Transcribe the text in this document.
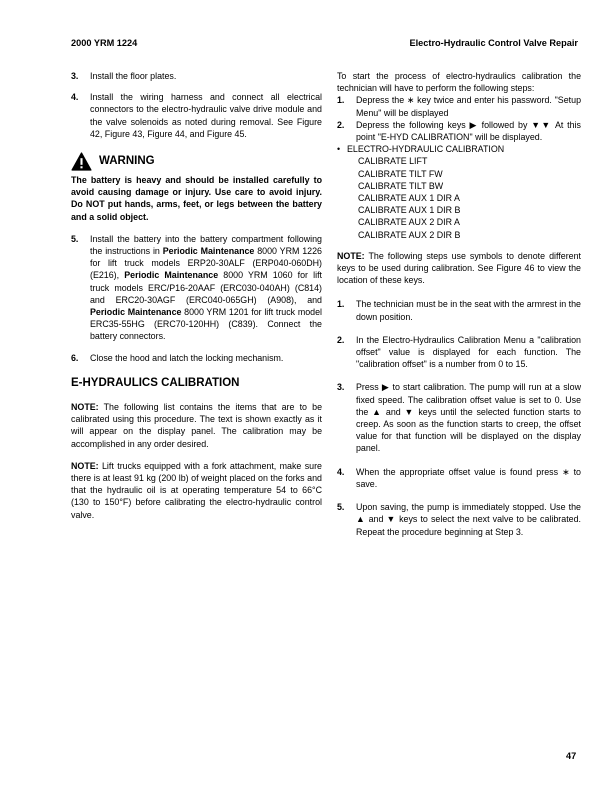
2000 YRM 1224	Electro-Hydraulic Control Valve Repair
3.	Install the floor plates.
4.	Install the wiring harness and connect all electrical connectors to the electro-hydraulic valve drive module and the valve solenoids as noted during removal. See Figure 42, Figure 43, Figure 44, and Figure 45.
WARNING
The battery is heavy and should be installed carefully to avoid causing damage or injury. Use care to avoid injury. Do NOT put hands, arms, feet, or legs between the battery and a solid object.
5.	Install the battery into the battery compartment following the instructions in Periodic Maintenance 8000 YRM 1226 for lift truck models ERP20-30ALF (ERP040-060DH) (E216), Periodic Maintenance 8000 YRM 1060 for lift truck models ERC/P16-20AAF (ERC030-040AH) (C814) and ERC20-30AGF (ERC040-065GH) (A908), and Periodic Maintenance 8000 YRM 1201 for lift truck model ERC35-55HG (ERC70-120HH) (C839). Connect the battery connectors.
6.	Close the hood and latch the locking mechanism.
E-HYDRAULICS CALIBRATION
NOTE: The following list contains the items that are to be calibrated using this procedure. The text is shown exactly as it will appear on the display panel. The calibration may be accomplished in any order desired.
NOTE: Lift trucks equipped with a fork attachment, make sure there is at least 91 kg (200 lb) of weight placed on the forks and that the hydraulic oil is at operating temperature 54 to 66°C (130 to 150°F) before calibrating the electro-hydraulic control valve.
To start the process of electro-hydraulics calibration the technician will have to perform the following steps:
1.	Depress the ∗ key twice and enter his password. "Setup Menu" will be displayed
2.	Depress the following keys ▶ followed by ▼▼ At this point "E-HYD CALIBRATION" will be displayed.
• ELECTRO-HYDRAULIC CALIBRATION
CALIBRATE LIFT
CALIBRATE TILT FW
CALIBRATE TILT BW
CALIBRATE AUX 1 DIR A
CALIBRATE AUX 1 DIR B
CALIBRATE AUX 2 DIR A
CALIBRATE AUX 2 DIR B
NOTE: The following steps use symbols to denote different keys to be used during calibration. See Figure 46 to view the location of these keys.
1.	The technician must be in the seat with the armrest in the down position.
2.	In the Electro-Hydraulics Calibration Menu a "calibration offset" value is displayed for each function. The "calibration offset" is a number from 0 to 15.
3.	Press ▶ to start calibration. The pump will run at a slow fixed speed. The calibration offset value is set to 0. Use the ▲ and ▼ keys until the selected function starts to creep. As soon as the function starts to creep, the offset value for that function will be displayed on the display panel.
4.	When the appropriate offset value is found press ∗ to save.
5.	Upon saving, the pump is immediately stopped. Use the ▲ and ▼ keys to select the next valve to be calibrated. Repeat the procedure beginning at Step 3.
47
